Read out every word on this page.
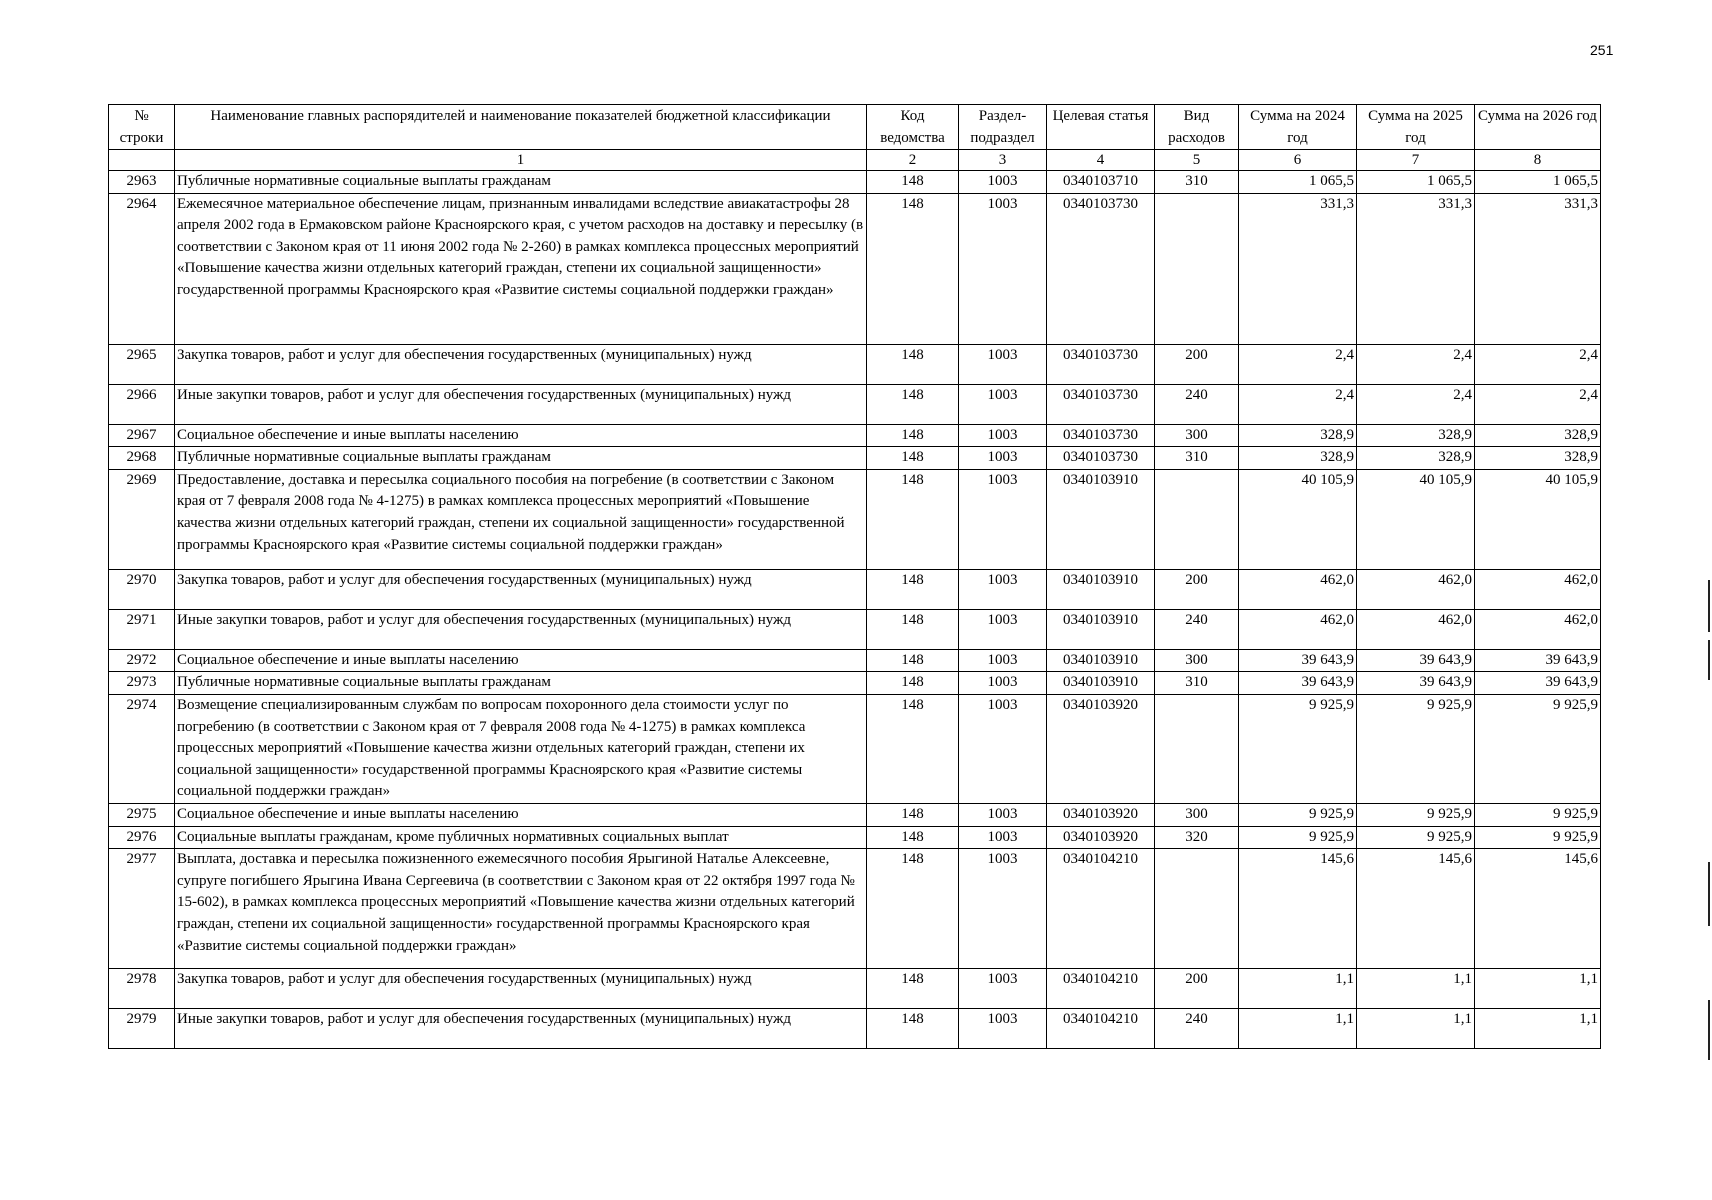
251
№ строки	Наименование главных распорядителей и наименование показателей бюджетной классификации	Код ведомства	Раздел-подраздел	Целевая статья	Вид расходов	Сумма на 2024 год	Сумма на 2025 год	Сумма на 2026 год
	1	2	3	4	5	6	7	8
2963	Публичные нормативные социальные выплаты гражданам	148	1003	0340103710	310	1 065,5	1 065,5	1 065,5
2964	Ежемесячное материальное обеспечение лицам, признанным инвалидами вследствие авиакатастрофы 28 апреля 2002 года в Ермаковском районе Красноярского края, с учетом расходов на доставку и пересылку (в соответствии с Законом края от 11 июня 2002 года № 2-260) в рамках комплекса процессных мероприятий «Повышение качества жизни отдельных категорий граждан, степени их социальной защищенности» государственной программы Красноярского края «Развитие системы социальной поддержки граждан»	148	1003	0340103730		331,3	331,3	331,3
2965	Закупка товаров, работ и услуг для обеспечения государственных (муниципальных) нужд	148	1003	0340103730	200	2,4	2,4	2,4
2966	Иные закупки товаров, работ и услуг для обеспечения государственных (муниципальных) нужд	148	1003	0340103730	240	2,4	2,4	2,4
2967	Социальное обеспечение и иные выплаты населению	148	1003	0340103730	300	328,9	328,9	328,9
2968	Публичные нормативные социальные выплаты гражданам	148	1003	0340103730	310	328,9	328,9	328,9
2969	Предоставление, доставка и пересылка социального пособия на погребение (в соответствии с Законом края от 7 февраля 2008 года № 4-1275) в рамках комплекса процессных мероприятий «Повышение качества жизни отдельных категорий граждан, степени их социальной защищенности» государственной программы Красноярского края «Развитие системы социальной поддержки граждан»	148	1003	0340103910		40 105,9	40 105,9	40 105,9
2970	Закупка товаров, работ и услуг для обеспечения государственных (муниципальных) нужд	148	1003	0340103910	200	462,0	462,0	462,0
2971	Иные закупки товаров, работ и услуг для обеспечения государственных (муниципальных) нужд	148	1003	0340103910	240	462,0	462,0	462,0
2972	Социальное обеспечение и иные выплаты населению	148	1003	0340103910	300	39 643,9	39 643,9	39 643,9
2973	Публичные нормативные социальные выплаты гражданам	148	1003	0340103910	310	39 643,9	39 643,9	39 643,9
2974	Возмещение специализированным службам по вопросам похоронного дела стоимости услуг по погребению (в соответствии с Законом края от 7 февраля 2008 года № 4-1275) в рамках комплекса процессных мероприятий «Повышение качества жизни отдельных категорий граждан, степени их социальной защищенности» государственной программы Красноярского края «Развитие системы социальной поддержки граждан»	148	1003	0340103920		9 925,9	9 925,9	9 925,9
2975	Социальное обеспечение и иные выплаты населению	148	1003	0340103920	300	9 925,9	9 925,9	9 925,9
2976	Социальные выплаты гражданам, кроме публичных нормативных социальных выплат	148	1003	0340103920	320	9 925,9	9 925,9	9 925,9
2977	Выплата, доставка и пересылка пожизненного ежемесячного пособия Ярыгиной Наталье Алексеевне, супруге погибшего Ярыгина Ивана Сергеевича (в соответствии с Законом края от 22 октября 1997 года № 15-602), в рамках комплекса процессных мероприятий «Повышение качества жизни отдельных категорий граждан, степени их социальной защищенности» государственной программы Красноярского края «Развитие системы социальной поддержки граждан»	148	1003	0340104210		145,6	145,6	145,6
2978	Закупка товаров, работ и услуг для обеспечения государственных (муниципальных) нужд	148	1003	0340104210	200	1,1	1,1	1,1
2979	Иные закупки товаров, работ и услуг для обеспечения государственных (муниципальных) нужд	148	1003	0340104210	240	1,1	1,1	1,1
